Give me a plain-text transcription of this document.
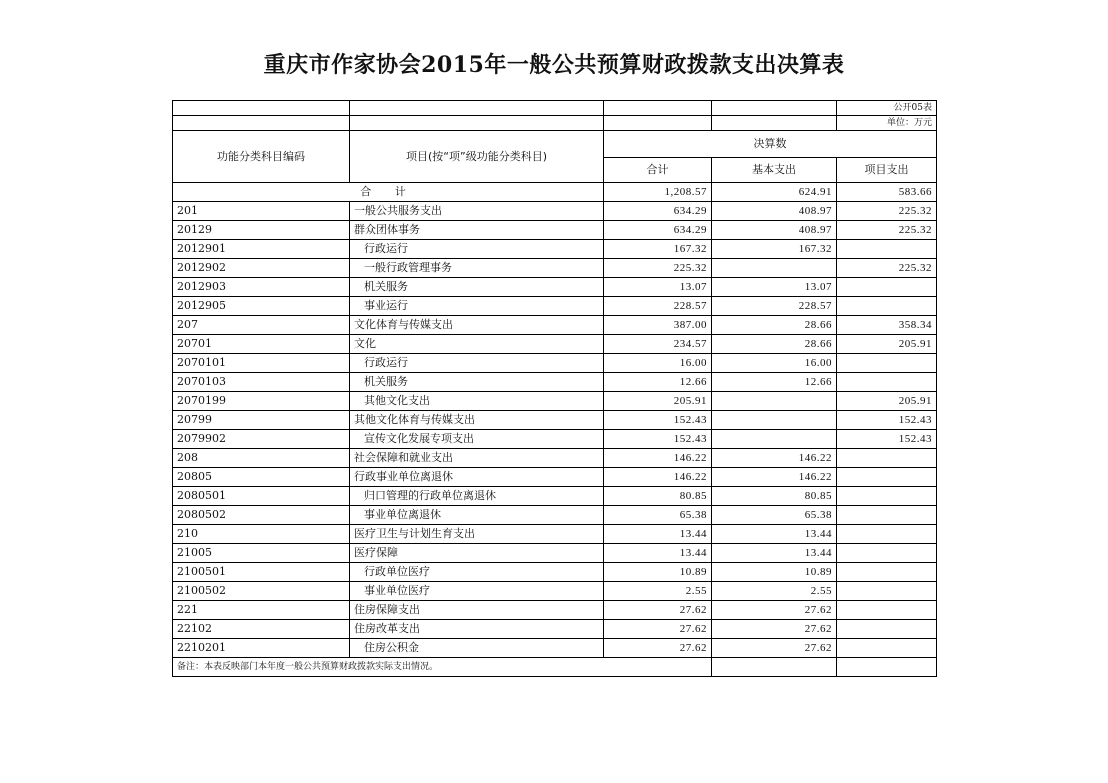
重庆市作家协会2015年一般公共预算财政拨款支出决算表
				公开05表
				单位：万元
功能分类科目编码	项目(按“项”级功能分类科目)	决算数		
		合计	基本支出	项目支出
合 计		1,208.57	624.91	583.66
201	一般公共服务支出	634.29	408.97	225.32
20129	群众团体事务	634.29	408.97	225.32
2012901	行政运行	167.32	167.32	
2012902	一般行政管理事务	225.32		225.32
2012903	机关服务	13.07	13.07	
2012905	事业运行	228.57	228.57	
207	文化体育与传媒支出	387.00	28.66	358.34
20701	文化	234.57	28.66	205.91
2070101	行政运行	16.00	16.00	
2070103	机关服务	12.66	12.66	
2070199	其他文化支出	205.91		205.91
20799	其他文化体育与传媒支出	152.43		152.43
2079902	宣传文化发展专项支出	152.43		152.43
208	社会保障和就业支出	146.22	146.22	
20805	行政事业单位离退休	146.22	146.22	
2080501	归口管理的行政单位离退休	80.85	80.85	
2080502	事业单位离退休	65.38	65.38	
210	医疗卫生与计划生育支出	13.44	13.44	
21005	医疗保障	13.44	13.44	
2100501	行政单位医疗	10.89	10.89	
2100502	事业单位医疗	2.55	2.55	
221	住房保障支出	27.62	27.62	
22102	住房改革支出	27.62	27.62	
2210201	住房公积金	27.62	27.62	
备注：本表反映部门本年度一般公共预算财政拨款实际支出情况。				
